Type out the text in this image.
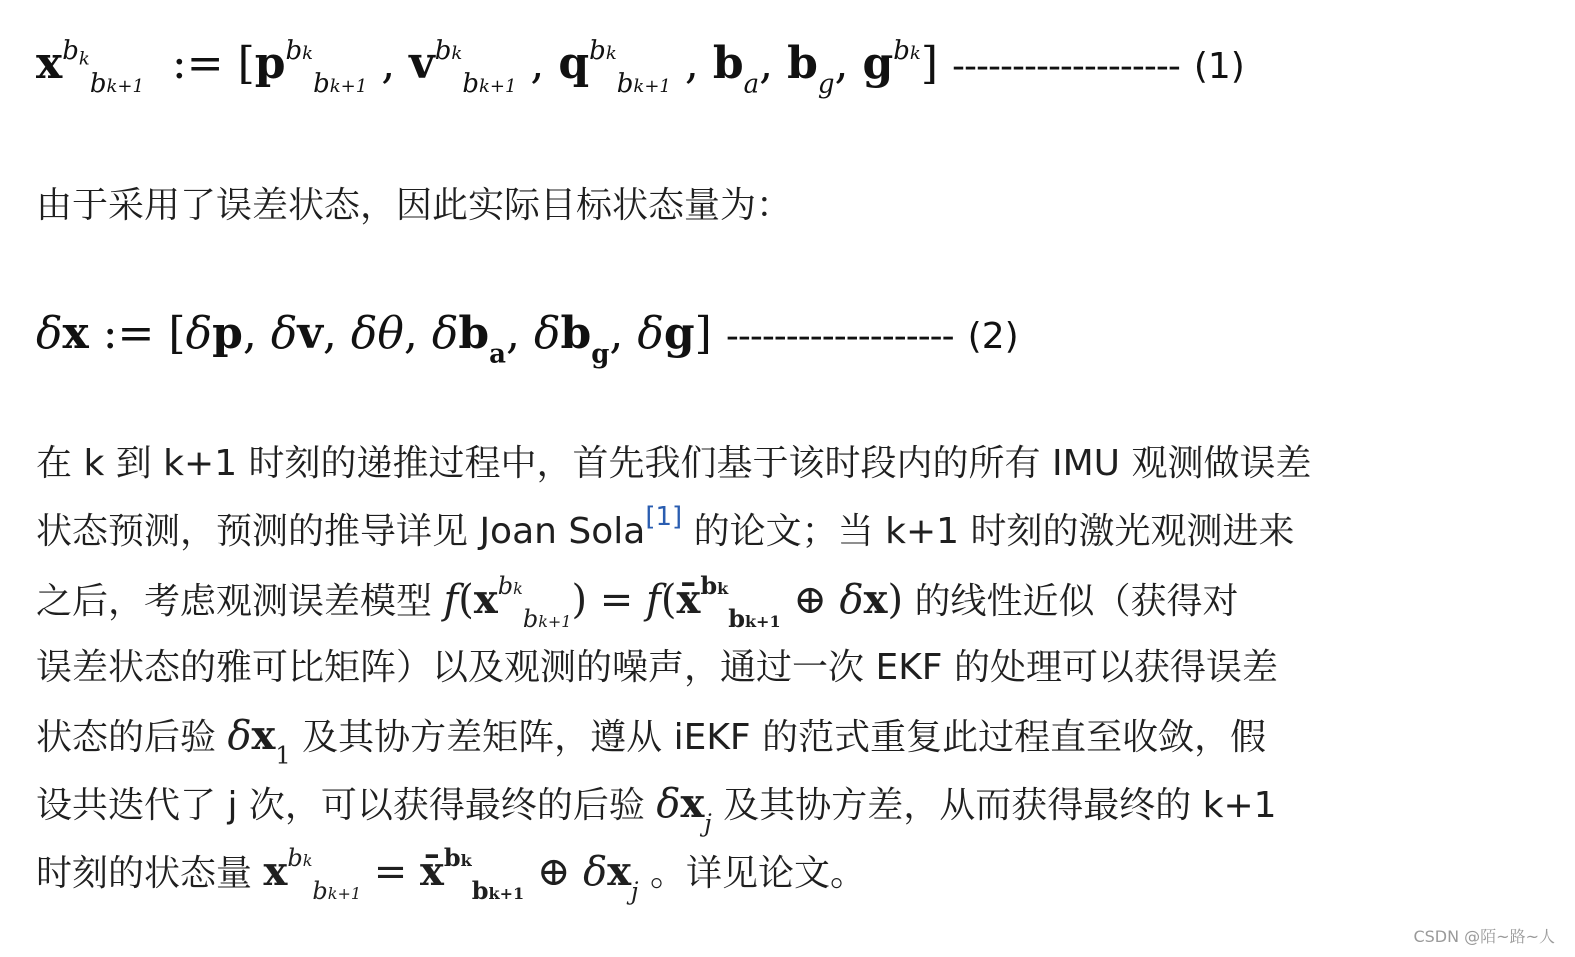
$x^{b_k}_{bk+1}$  := [$p^{bk}_{bk+1}$ , $v^{bk}_{bk+1}$ , $q^{bk}_{bk+1}$ , $b_a$, $b_g$, $g^{bk}$] ------------------- (1)
由于采用了误差状态，因此实际目标状态量为：
δx := [δp, δv, δθ, $\delta b_a$, $\delta b_g$, δg] ------------------- (2)
在 k 到 k+1 时刻的递推过程中，首先我们基于该时段内的所有 IMU 观测做误差
状态预测，预测的推导详见 Joan Sola[1] 的论文；当 k+1 时刻的激光观测进来
之后，考虑观测误差模型 $f(x^{bk}_{bk+1})$ = f(x̄$^{bk}_{bk+1}$ ⊕ δx) 的线性近似（获得对
误差状态的雅可比矩阵）以及观测的噪声，通过一次 EKF 的处理可以获得误差
状态的后验 $\delta x_1$ 及其协方差矩阵，遵从 iEKF 的范式重复此过程直至收敛，假
设共迭代了 j 次，可以获得最终的后验 $\delta x_j$ 及其协方差，从而获得最终的 k+1
时刻的状态量 $x^{bk}_{bk+1}$ = x̄$^{bk}_{bk+1}$ ⊕ $\delta x_j$ 。详见论文。
CSDN @陌~路~人
